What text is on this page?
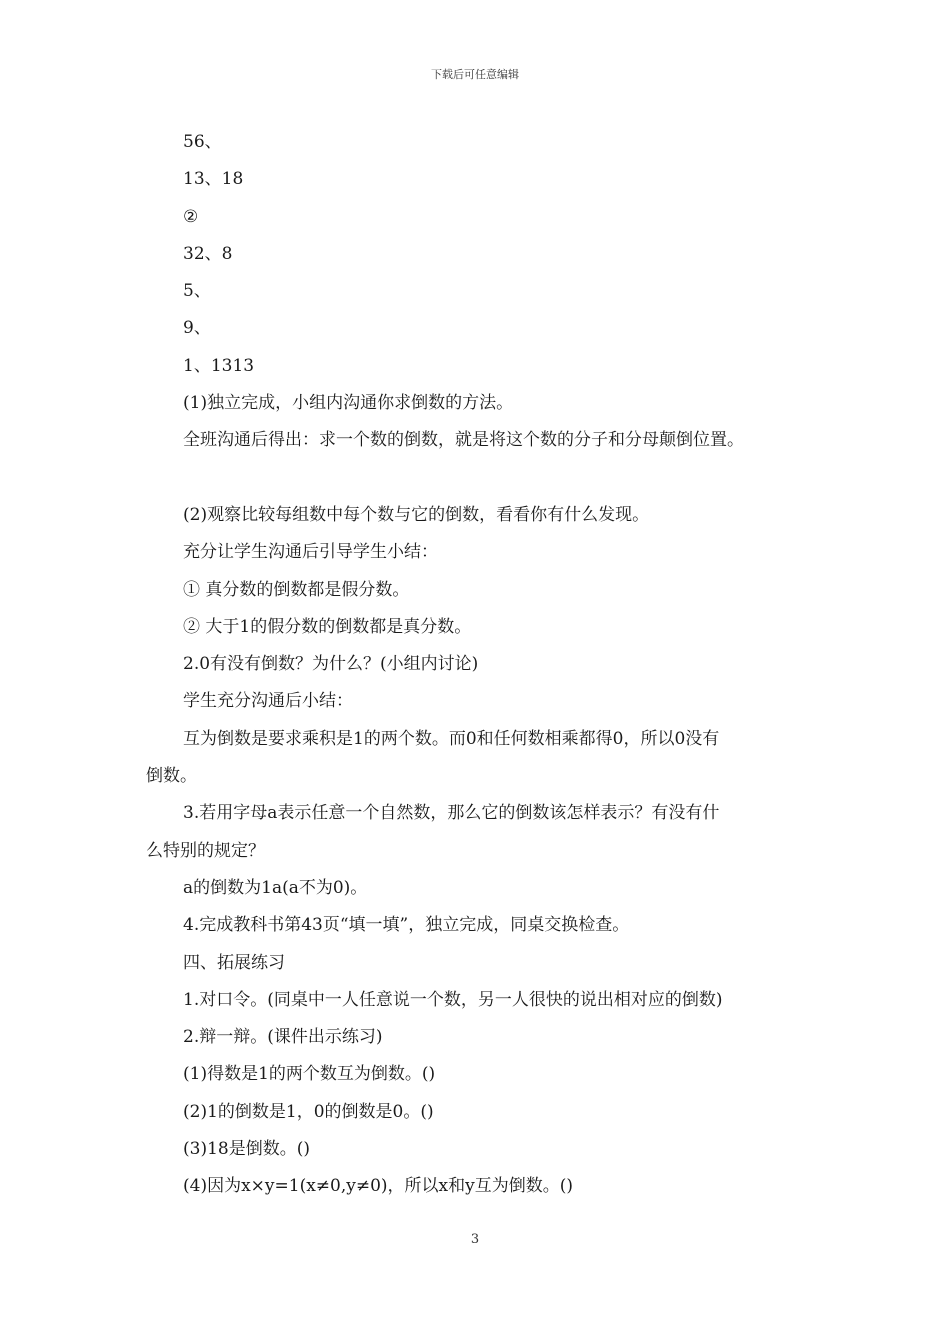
下载后可任意编辑
56、
13、18
②
32、8
5、
9、
1、1313
(1)独立完成，小组内沟通你求倒数的方法。
全班沟通后得出：求一个数的倒数，就是将这个数的分子和分母颠倒位置。
(2)观察比较每组数中每个数与它的倒数，看看你有什么发现。
充分让学生沟通后引导学生小结：
① 真分数的倒数都是假分数。
② 大于1的假分数的倒数都是真分数。
2.0有没有倒数？为什么？(小组内讨论)
学生充分沟通后小结：
互为倒数是要求乘积是1的两个数。而0和任何数相乘都得0，所以0没有
倒数。
3.若用字母a表示任意一个自然数，那么它的倒数该怎样表示？有没有什
么特别的规定？
a的倒数为1a(a不为0)。
4.完成教科书第43页“填一填”，独立完成，同桌交换检查。
四、拓展练习
1.对口令。(同桌中一人任意说一个数，另一人很快的说出相对应的倒数)
2.辩一辩。(课件出示练习)
(1)得数是1的两个数互为倒数。()
(2)1的倒数是1，0的倒数是0。()
(3)18是倒数。()
(4)因为x×y=1(x≠0,y≠0)，所以x和y互为倒数。()
3
